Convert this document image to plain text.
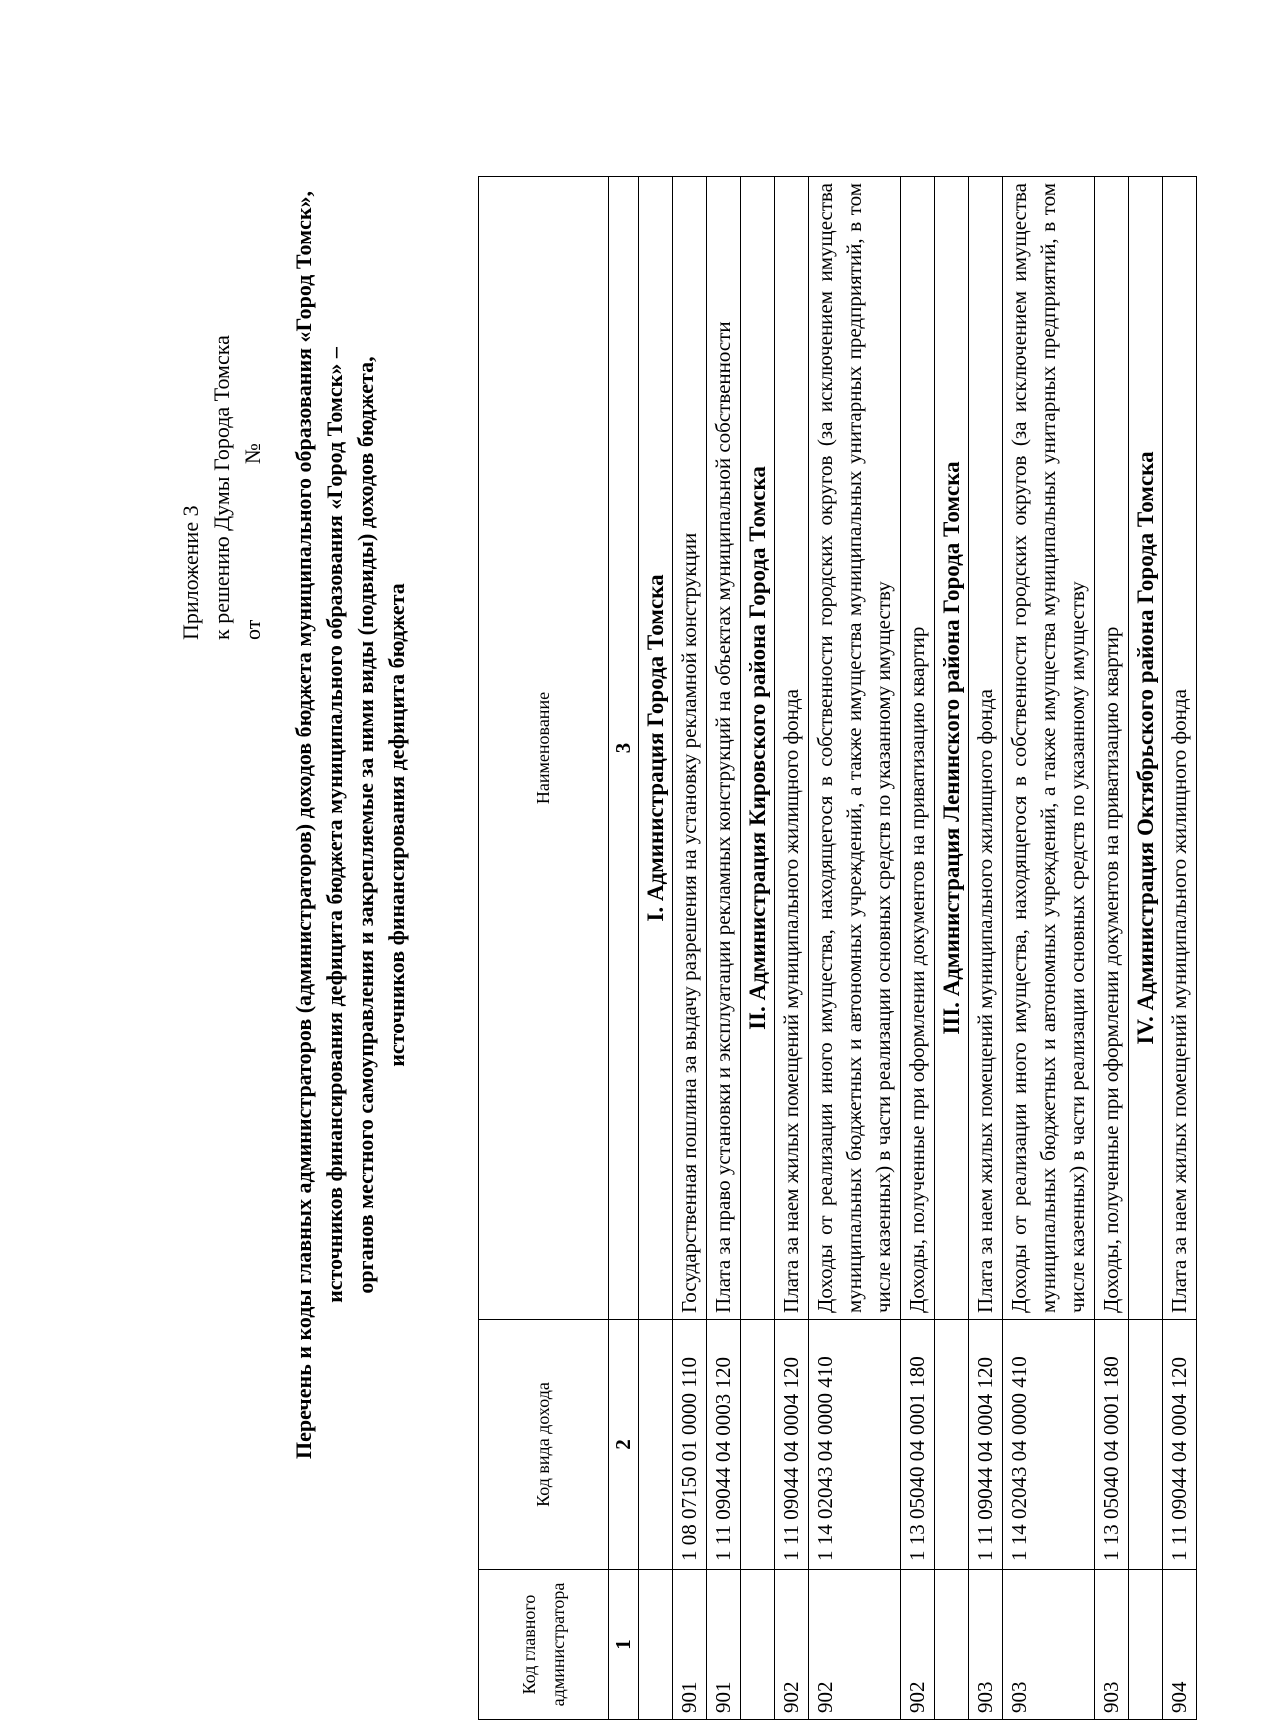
Приложение 3 к решению Думы Города Томска от № Перечень и коды главных администраторов (администраторов) доходов бюджета муниципального образования «Город Томск», источников финансирования дефицита бюджета муниципального образования «Город Томск» – органов местного самоуправления и закрепляемые за ними виды (подвиды) доходов бюджета, источников финансирования дефицита бюджета
Код главного администратора	Код вида дохода	Наименование
1	2	3
		I. Администрация Города Томска
901	1 08 07150 01 0000 110	Государственная пошлина за выдачу разрешения на установку рекламной конструкции
901	1 11 09044 04 0003 120	Плата за право установки и эксплуатации рекламных конструкций на объектах муниципальной собственности
		II. Администрация Кировского района Города Томска
902	1 11 09044 04 0004 120	Плата за наем жилых помещений муниципального жилищного фонда
902	1 14 02043 04 0000 410	Доходы от реализации иного имущества, находящегося в собственности городских округов (за исключением имущества муниципальных бюджетных и автономных учреждений, а также имущества муниципальных унитарных предприятий, в том числе казенных) в части реализации основных средств по указанному имуществу
902	1 13 05040 04 0001 180	Доходы, полученные при оформлении документов на приватизацию квартир
		III. Администрация Ленинского района Города Томска
903	1 11 09044 04 0004 120	Плата за наем жилых помещений муниципального жилищного фонда
903	1 14 02043 04 0000 410	Доходы от реализации иного имущества, находящегося в собственности городских округов (за исключением имущества муниципальных бюджетных и автономных учреждений, а также имущества муниципальных унитарных предприятий, в том числе казенных) в части реализации основных средств по указанному имуществу
903	1 13 05040 04 0001 180	Доходы, полученные при оформлении документов на приватизацию квартир
		IV. Администрация Октябрьского района Города Томска
904	1 11 09044 04 0004 120	Плата за наем жилых помещений муниципального жилищного фонда
